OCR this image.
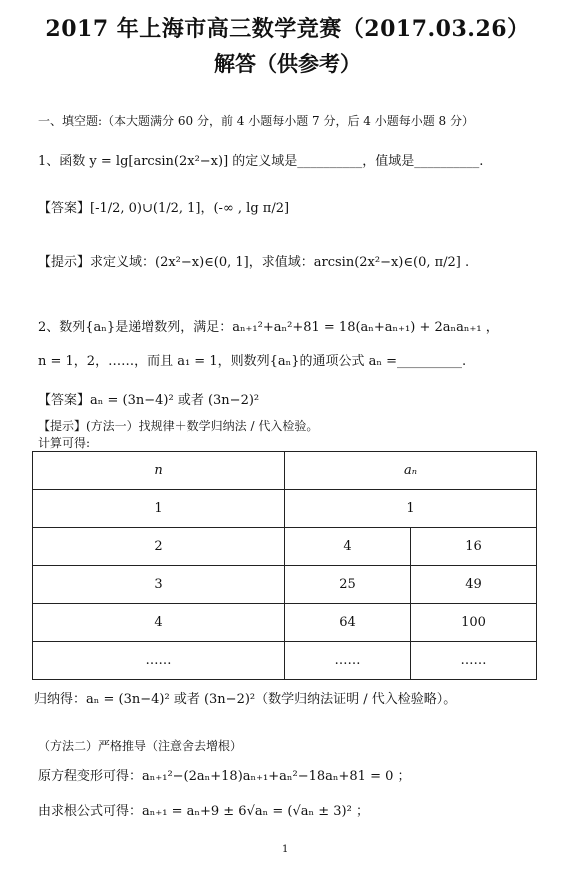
2017 年上海市高三数学竞赛（2017.03.26）
解答（供参考）
一、填空题:（本大题满分 60 分，前 4 小题每小题 7 分，后 4 小题每小题 8 分）
1、函数 y = lg[arcsin(2x²−x)] 的定义域是__________，值域是__________.
【答案】[-1/2, 0)∪(1/2, 1]，(-∞ , lg π/2]
【提示】求定义域：(2x²−x)∈(0, 1]，求值域：arcsin(2x²−x)∈(0, π/2] .
2、数列{aₙ}是递增数列，满足：aₙ₊₁²+aₙ²+81 = 18(aₙ+aₙ₊₁) + 2aₙaₙ₊₁ ，
n = 1，2，……，而且 a₁ = 1，则数列{aₙ}的通项公式 aₙ =__________.
【答案】aₙ = (3n−4)² 或者 (3n−2)²
【提示】(方法一）找规律＋数学归纳法 / 代入检验。
计算可得:
n	aₙ	
1	1	
2	4	16
3	25	49
4	64	100
……	……	……
归纳得：aₙ = (3n−4)² 或者 (3n−2)²（数学归纳法证明 / 代入检验略）。
（方法二）严格推导（注意舍去增根）
原方程变形可得：aₙ₊₁²−(2aₙ+18)aₙ₊₁+aₙ²−18aₙ+81 = 0 ；
由求根公式可得：aₙ₊₁ = aₙ+9 ± 6√aₙ = (√aₙ ± 3)² ；
1
